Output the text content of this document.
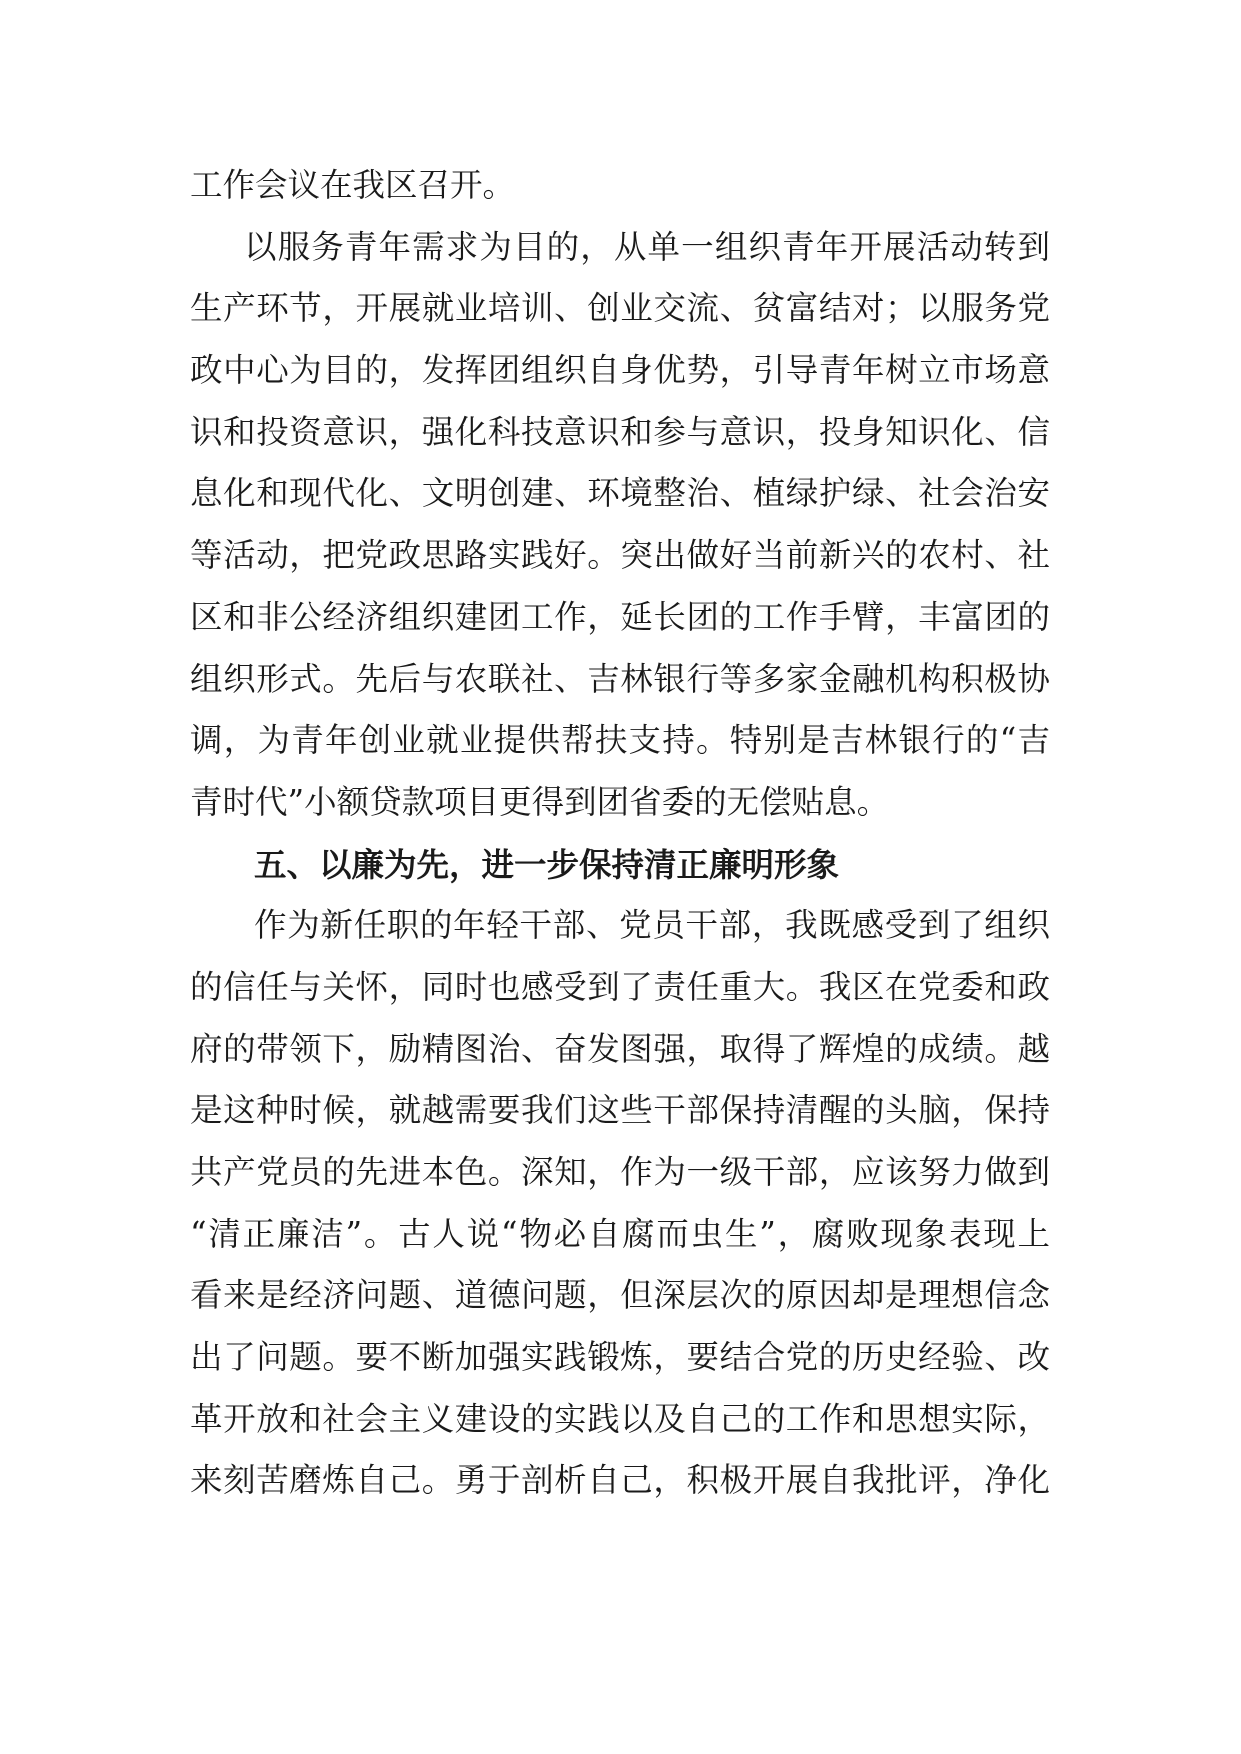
工作会议在我区召开。
以服务青年需求为目的，从单一组织青年开展活动转到
生产环节，开展就业培训、创业交流、贫富结对；以服务党
政中心为目的，发挥团组织自身优势，引导青年树立市场意
识和投资意识，强化科技意识和参与意识，投身知识化、信
息化和现代化、文明创建、环境整治、植绿护绿、社会治安
等活动，把党政思路实践好。突出做好当前新兴的农村、社
区和非公经济组织建团工作，延长团的工作手臂，丰富团的
组织形式。先后与农联社、吉林银行等多家金融机构积极协
调，为青年创业就业提供帮扶支持。特别是吉林银行的“吉
青时代”小额贷款项目更得到团省委的无偿贴息。
五、以廉为先，进一步保持清正廉明形象
作为新任职的年轻干部、党员干部，我既感受到了组织
的信任与关怀，同时也感受到了责任重大。我区在党委和政
府的带领下，励精图治、奋发图强，取得了辉煌的成绩。越
是这种时候，就越需要我们这些干部保持清醒的头脑，保持
共产党员的先进本色。深知，作为一级干部，应该努力做到
“清正廉洁”。古人说“物必自腐而虫生”，腐败现象表现上
看来是经济问题、道德问题，但深层次的原因却是理想信念
出了问题。要不断加强实践锻炼，要结合党的历史经验、改
革开放和社会主义建设的实践以及自己的工作和思想实际，
来刻苦磨炼自己。勇于剖析自己，积极开展自我批评，净化
